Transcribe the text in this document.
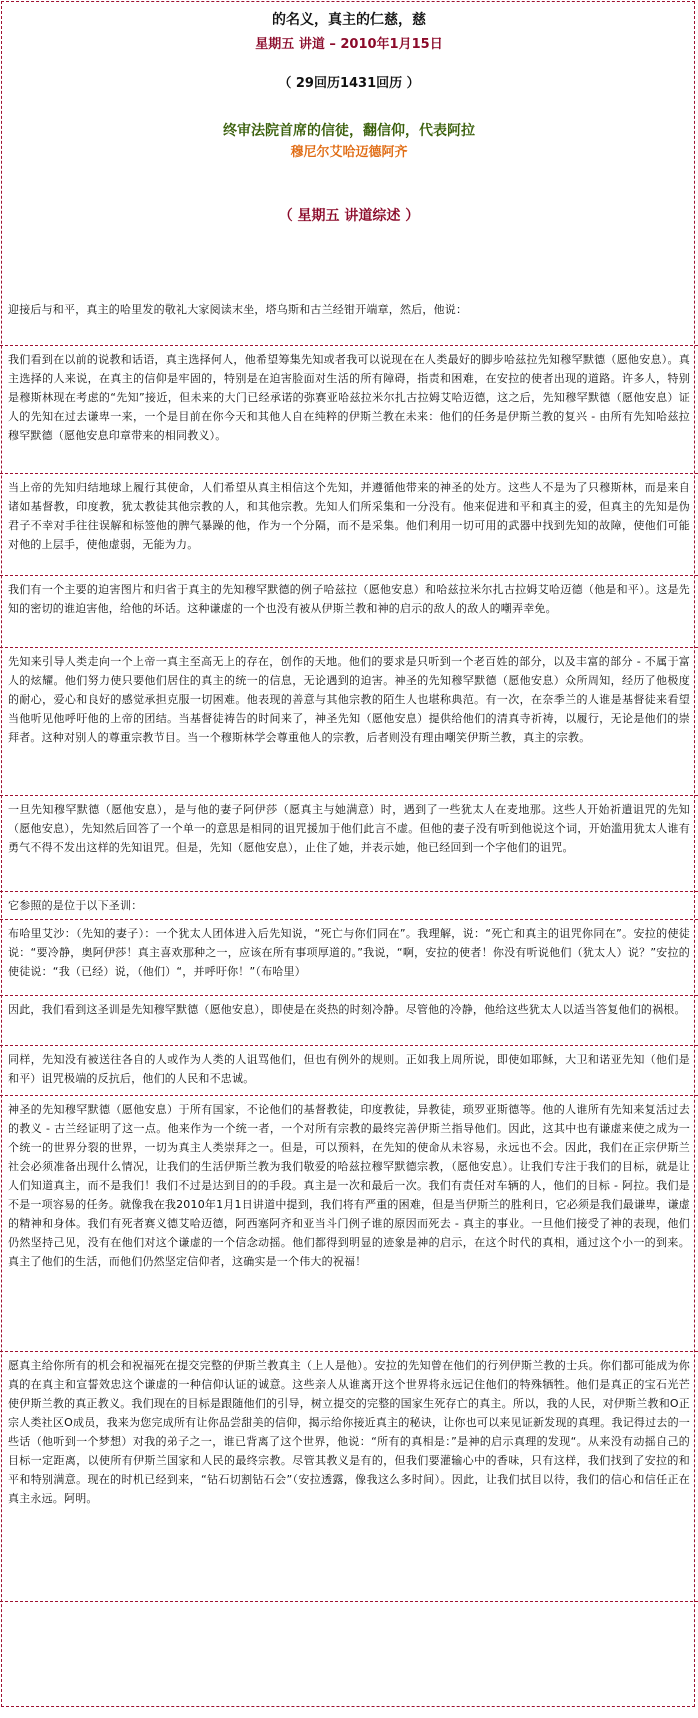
的名义，真主的仁慈，慈
星期五 讲道 – 2010年1月15日
（ 29回历1431回历 ）
终审法院首席的信徒，翻信仰，代表阿拉
穆尼尔艾哈迈德阿齐
（ 星期五 讲道综述 ）

迎接后与和平，真主的哈里发的敬礼大家阅读末坐，塔乌斯和古兰经钳开端章，然后，他说：

我们看到在以前的说教和话语，真主选择何人，他希望筹集先知或者我可以说现在在人类最好的脚步哈兹拉先知穆罕默德（愿他安息）。真主选择的人来说，在真主的信仰是牢固的，特别是在迫害脸面对生活的所有障碍，指责和困难，在安拉的使者出现的道路。许多人，特别是穆斯林现在考虑的“先知”接近，但未来的大门已经承诺的弥赛亚哈兹拉米尔扎古拉姆艾哈迈德，这之后，先知穆罕默德（愿他安息）证人的先知在过去谦卑一来，一个是目前在你今天和其他人自在纯粹的伊斯兰教在未来：他们的任务是伊斯兰教的复兴 - 由所有先知哈兹拉穆罕默德（愿他安息印章带来的相同教义）。

当上帝的先知归结地球上履行其使命，人们希望从真主相信这个先知，并遵循他带来的神圣的处方。这些人不是为了只穆斯林，而是来自诸如基督教，印度教，犹太教徒其他宗教的人，和其他宗教。先知人们所采集和一分没有。他来促进和平和真主的爱，但真主的先知是伪君子不幸对手往往误解和标签他的脾气暴躁的他，作为一个分隔，而不是采集。他们利用一切可用的武器中找到先知的故障，使他们可能对他的上层手，使他虚弱，无能为力。

我们有一个主要的迫害图片和归省于真主的先知穆罕默德的例子哈兹拉（愿他安息）和哈兹拉米尔扎古拉姆艾哈迈德（他是和平）。这是先知的密切的谁迫害他，给他的坏话。这种谦虚的一个也没有被从伊斯兰教和神的启示的敌人的敌人的嘲弄幸免。

先知来引导人类走向一个上帝一真主至高无上的存在，创作的天地。他们的要求是只听到一个老百姓的部分，以及丰富的部分 - 不属于富人的炫耀。他们努力使只要他们居住的真主的统一的信息，无论遇到的迫害。神圣的先知穆罕默德（愿他安息）众所周知，经历了他极度的耐心，爱心和良好的感觉承担克服一切困难。他表现的善意与其他宗教的陌生人也堪称典范。有一次，在奈季兰的人谁是基督徒来看望当他听见他呼吁他的上帝的团结。当基督徒祷告的时间来了，神圣先知（愿他安息）提供给他们的清真寺祈祷，以履行，无论是他们的崇拜者。这种对别人的尊重宗教节目。当一个穆斯林学会尊重他人的宗教，后者则没有理由嘲笑伊斯兰教，真主的宗教。

一旦先知穆罕默德（愿他安息），是与他的妻子阿伊莎（愿真主与她满意）时，遇到了一些犹太人在麦地那。这些人开始祈遣诅咒的先知（愿他安息），先知然后回答了一个单一的意思是相同的诅咒援加于他们此言不虚。但他的妻子没有听到他说这个词，开始滥用犹太人谁有勇气不得不发出这样的先知诅咒。但是，先知（愿他安息），止住了她，并表示她，他已经回到一个字他们的诅咒。

它参照的是位于以下圣训：

布哈里艾沙：（先知的妻子）：一个犹太人团体进入后先知说，“死亡与你们同在”。我理解，说：“死亡和真主的诅咒你同在”。安拉的使徒说：“要冷静，奥阿伊莎！真主喜欢那种之一，应该在所有事项厚道的。”我说，“啊，安拉的使者！你没有听说他们（犹太人）说？”安拉的使徒说：“我（已经）说，（他们）“，并呼吁你！”（布哈里）

因此，我们看到这圣训是先知穆罕默德（愿他安息），即使是在炎热的时刻冷静。尽管他的冷静，他给这些犹太人以适当答复他们的祸根。

同样，先知没有被送往各自的人或作为人类的人诅骂他们，但也有例外的规则。正如我上周所说，即使如耶稣，大卫和诺亚先知（他们是和平）诅咒极端的反抗后，他们的人民和不忠诚。

神圣的先知穆罕默德（愿他安息）于所有国家，不论他们的基督教徒，印度教徒，异教徒，琐罗亚斯德等。他的人谁所有先知来复活过去的教义 - 古兰经证明了这一点。他来作为一个统一者，一个对所有宗教的最终完善伊斯兰指导他们。因此，这其中也有谦虚来使之成为一个统一的世界分裂的世界，一切为真主人类崇拜之一。但是，可以预料，在先知的使命从未容易，永远也不会。因此，我们在正宗伊斯兰社会必须准备出现什么情况，让我们的生活伊斯兰教为我们敬爱的哈兹拉穆罕默德宗教，（愿他安息）。让我们专注于我们的目标，就是让人们知道真主，而不是我们！我们不过是达到目的的手段。真主是一次和最后一次。我们有责任对车辆的人，他们的目标 - 阿拉。我们是不是一项容易的任务。就像我在我2010年1月1日讲道中提到，我们将有严重的困难，但是当伊斯兰的胜利日，它必须是我们最谦卑，谦虚的精神和身体。我们有死者赛义德艾哈迈德，阿西塞阿齐和亚当斗门例子谁的原因而死去 - 真主的事业。一旦他们接受了神的表现，他们仍然坚持己见，没有在他们对这个谦虚的一个信念动摇。他们都得到明显的迹象是神的启示，在这个时代的真相，通过这个小一的到来。真主了他们的生活，而他们仍然坚定信仰者，这确实是一个伟大的祝福！

愿真主给你所有的机会和祝福死在提交完整的伊斯兰教真主（上人是他）。安拉的先知曾在他们的行列伊斯兰教的士兵。你们都可能成为你真的在真主和宣誓效忠这个谦虚的一种信仰认证的诚意。这些亲人从谁离开这个世界将永远记住他们的特殊牺牲。他们是真正的宝石光芒使伊斯兰教的真正教义。我们现在的目标是跟随他们的引导，树立提交的完整的国家生死存亡的真主。所以，我的人民，对伊斯兰教和O正宗人类社区O成员，我来为您完成所有让你品尝甜美的信仰，揭示给你接近真主的秘诀，让你也可以来见证新发现的真理。我记得过去的一些话（他听到一个梦想）对我的弟子之一，谁已背离了这个世界，他说：“所有的真相是：”是神的启示真理的发现“。从来没有动摇自己的目标一定距离，以使所有伊斯兰国家和人民的最终宗教。尽管其教义是有的，但我们要灌输心中的香味，只有这样，我们找到了安拉的和平和特别满意。现在的时机已经到来，“钻石切割钻石会”（安拉透露，像我这么多时间）。因此，让我们拭目以待，我们的信心和信任正在真主永远。阿明。
